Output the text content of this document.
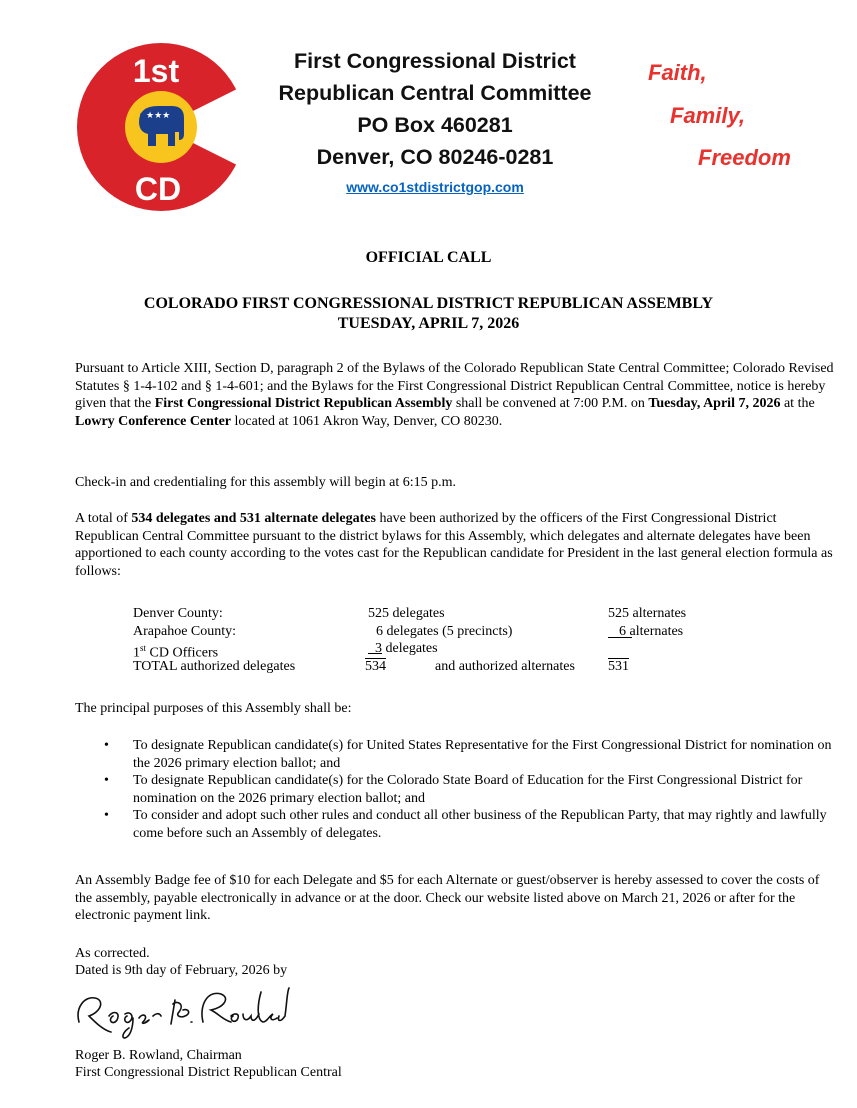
★★★
1st
CD
First Congressional District
Republican Central Committee
PO Box 460281
Denver, CO 80246-0281
www.co1stdistrictgop.com
Faith,
Family,
Freedom
OFFICIAL CALL
COLORADO FIRST CONGRESSIONAL DISTRICT REPUBLICAN ASSEMBLY
TUESDAY, APRIL 7, 2026
Pursuant to Article XIII, Section D, paragraph 2 of the Bylaws of the Colorado Republican State Central Committee; Colorado Revised Statutes § 1-4-102 and § 1-4-601; and the Bylaws for the First Congressional District Republican Central Committee, notice is hereby given that the First Congressional District Republican Assembly shall be convened at 7:00 P.M. on Tuesday, April 7, 2026 at the Lowry Conference Center located at 1061 Akron Way, Denver, CO 80230.
Check-in and credentialing for this assembly will begin at 6:15 p.m.
A total of 534 delegates and 531 alternate delegates have been authorized by the officers of the First Congressional District Republican Central Committee pursuant to the district bylaws for this Assembly, which delegates and alternate delegates have been apportioned to each county according to the votes cast for the Republican candidate for President in the last general election formula as follows:
Denver County:	525 delegates	525 alternates
Arapahoe County:	6 delegates (5 precincts)	6 alternates
1st CD Officers	3 delegates
TOTAL authorized delegates	534	and authorized alternates 531
The principal purposes of this Assembly shall be:
• To designate Republican candidate(s) for United States Representative for the First Congressional District for nomination on the 2026 primary election ballot; and
• To designate Republican candidate(s) for the Colorado State Board of Education for the First Congressional District for nomination on the 2026 primary election ballot; and
• To consider and adopt such other rules and conduct all other business of the Republican Party, that may rightly and lawfully come before such an Assembly of delegates.
An Assembly Badge fee of $10 for each Delegate and $5 for each Alternate or guest/observer is hereby assessed to cover the costs of the assembly, payable electronically in advance or at the door. Check our website listed above on March 21, 2026 or after for the electronic payment link.
As corrected.
Dated is 9th day of February, 2026 by
Roger B. Rowland, Chairman
First Congressional District Republican Central
